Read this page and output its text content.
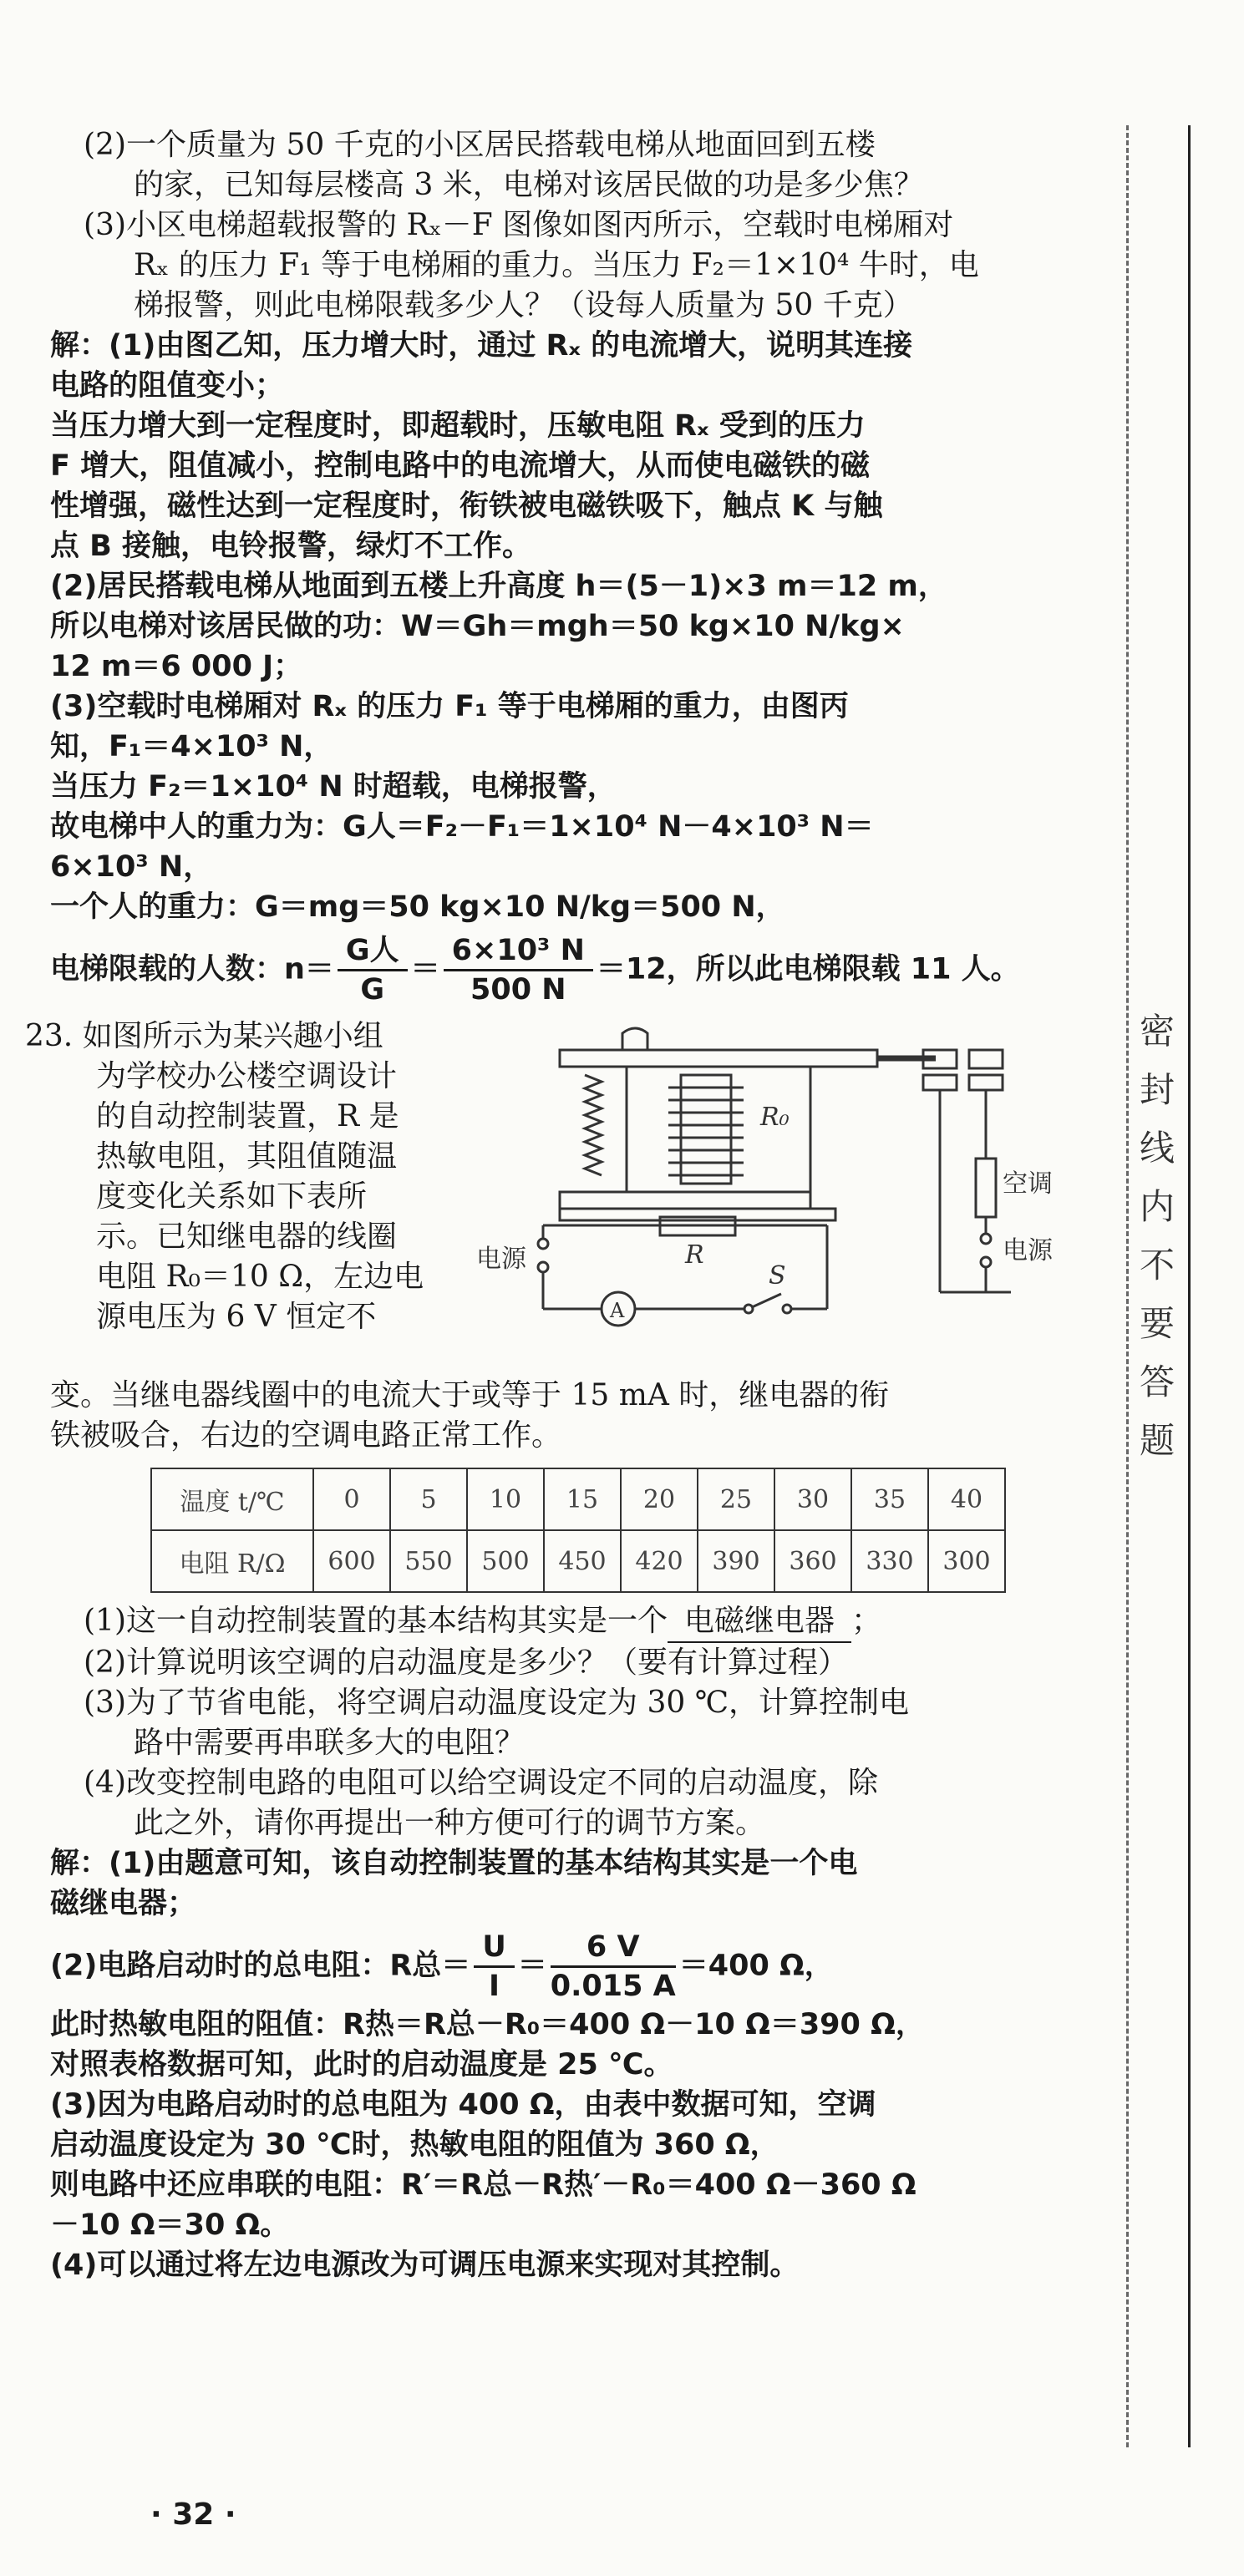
(2)一个质量为 50 千克的小区居民搭载电梯从地面回到五楼
的家，已知每层楼高 3 米，电梯对该居民做的功是多少焦？
(3)小区电梯超载报警的 Rₓ－F 图像如图丙所示，空载时电梯厢对
Rₓ 的压力 F₁ 等于电梯厢的重力。当压力 F₂＝1×10⁴ 牛时，电
梯报警，则此电梯限载多少人？（设每人质量为 50 千克）
解：(1)由图乙知，压力增大时，通过 Rₓ 的电流增大，说明其连接
电路的阻值变小；
当压力增大到一定程度时，即超载时，压敏电阻 Rₓ 受到的压力
F 增大，阻值减小，控制电路中的电流增大，从而使电磁铁的磁
性增强，磁性达到一定程度时，衔铁被电磁铁吸下，触点 K 与触
点 B 接触，电铃报警，绿灯不工作。
(2)居民搭载电梯从地面到五楼上升高度 h＝(5－1)×3 m＝12 m，
所以电梯对该居民做的功：W＝Gh＝mgh＝50 kg×10 N/kg×
12 m＝6 000 J；
(3)空载时电梯厢对 Rₓ 的压力 F₁ 等于电梯厢的重力，由图丙
知，F₁＝4×10³ N，
当压力 F₂＝1×10⁴ N 时超载，电梯报警，
故电梯中人的重力为：G人＝F₂－F₁＝1×10⁴ N－4×10³ N＝
6×10³ N，
一个人的重力：G＝mg＝50 kg×10 N/kg＝500 N，
电梯限载的人数：$n= \frac{\text{G人}}{G} = \frac{\text{6×10³ N}}{500 N} =12$，所以此电梯限载 11 人。
23. 如图所示为某兴趣小组
为学校办公楼空调设计
的自动控制装置，R 是
热敏电阻，其阻值随温
度变化关系如下表所
示。已知继电器的线圈
电阻 R₀＝10 Ω，左边电
源电压为 6 V 恒定不
R₀
R
空调
电源
电源
S
A
变。当继电器线圈中的电流大于或等于 15 mA 时，继电器的衔
铁被吸合，右边的空调电路正常工作。
温度 t/℃	0	5	10	15	20	25	30	35	40
电阻 R/Ω	600	550	500	450	420	390	360	330	300
(1)这一自动控制装置的基本结构其实是一个 电磁继电器 ；
(2)计算说明该空调的启动温度是多少？（要有计算过程）
(3)为了节省电能，将空调启动温度设定为 30 ℃，计算控制电
路中需要再串联多大的电阻？
(4)改变控制电路的电阻可以给空调设定不同的启动温度，除
此之外，请你再提出一种方便可行的调节方案。
解：(1)由题意可知，该自动控制装置的基本结构其实是一个电
磁继电器；
(2)电路启动时的总电阻：R总＝ $\frac{U}{I} = \frac{6 V}{0.015 A} =400$ Ω，
此时热敏电阻的阻值：R热＝R总－R₀＝400 Ω－10 Ω＝390 Ω，
对照表格数据可知，此时的启动温度是 25 ℃。
(3)因为电路启动时的总电阻为 400 Ω，由表中数据可知，空调
启动温度设定为 30 ℃时，热敏电阻的阻值为 360 Ω，
则电路中还应串联的电阻：R′＝R总－R热′－R₀＝400 Ω－360 Ω
－10 Ω＝30 Ω。
(4)可以通过将左边电源改为可调压电源来实现对其控制。
密
封
线
内
不
要
答
题
· 32 ·
